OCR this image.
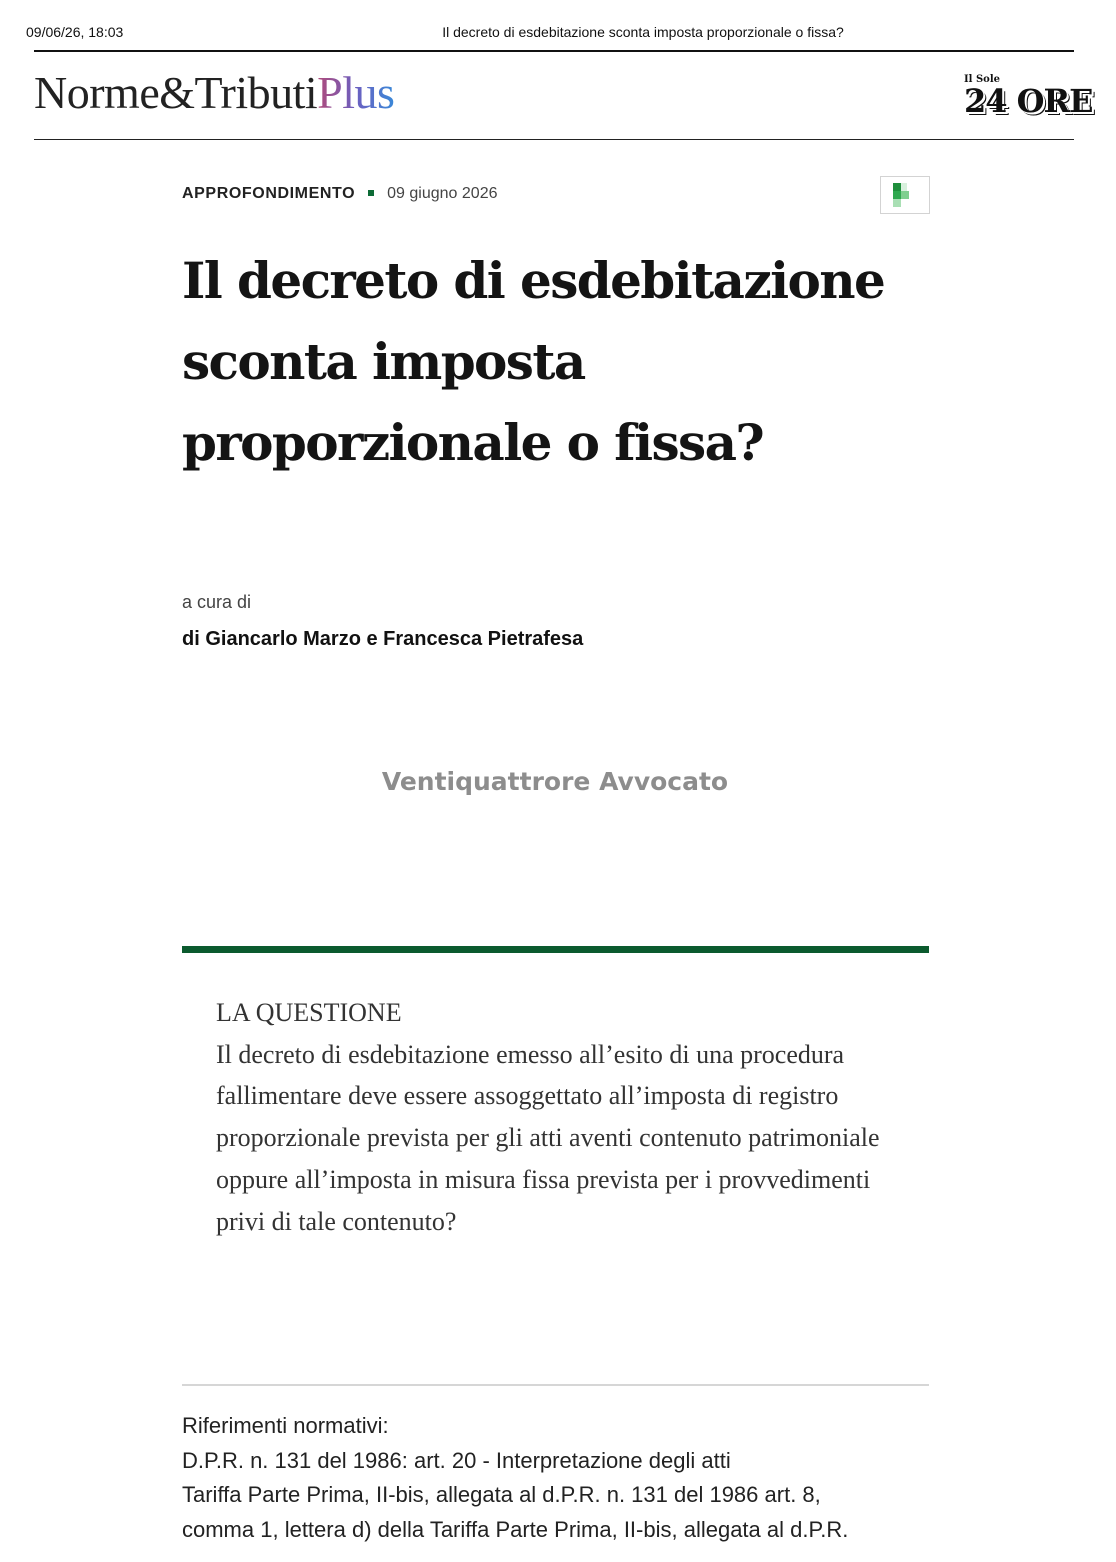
09/06/26, 18:03	Il decreto di esdebitazione sconta imposta proporzionale o fissa?
Norme&TributiPlus	Il Sole
24 ORE
APPROFONDIMENTO 09 giugno 2026
Il decreto di esdebitazione sconta imposta proporzionale o fissa?
a cura di
di Giancarlo Marzo e Francesca Pietrafesa
Ventiquattrore Avvocato
LA QUESTIONE
Il decreto di esdebitazione emesso all’esito di una procedura fallimentare deve essere assoggettato all’imposta di registro proporzionale prevista per gli atti aventi contenuto patrimoniale oppure all’imposta in misura fissa prevista per i provvedimenti privi di tale contenuto?
Riferimenti normativi:
D.P.R. n. 131 del 1986: art. 20 - Interpretazione degli atti
Tariffa Parte Prima, II-bis, allegata al d.P.R. n. 131 del 1986 art. 8,
comma 1, lettera d) della Tariffa Parte Prima, II-bis, allegata al d.P.R.
